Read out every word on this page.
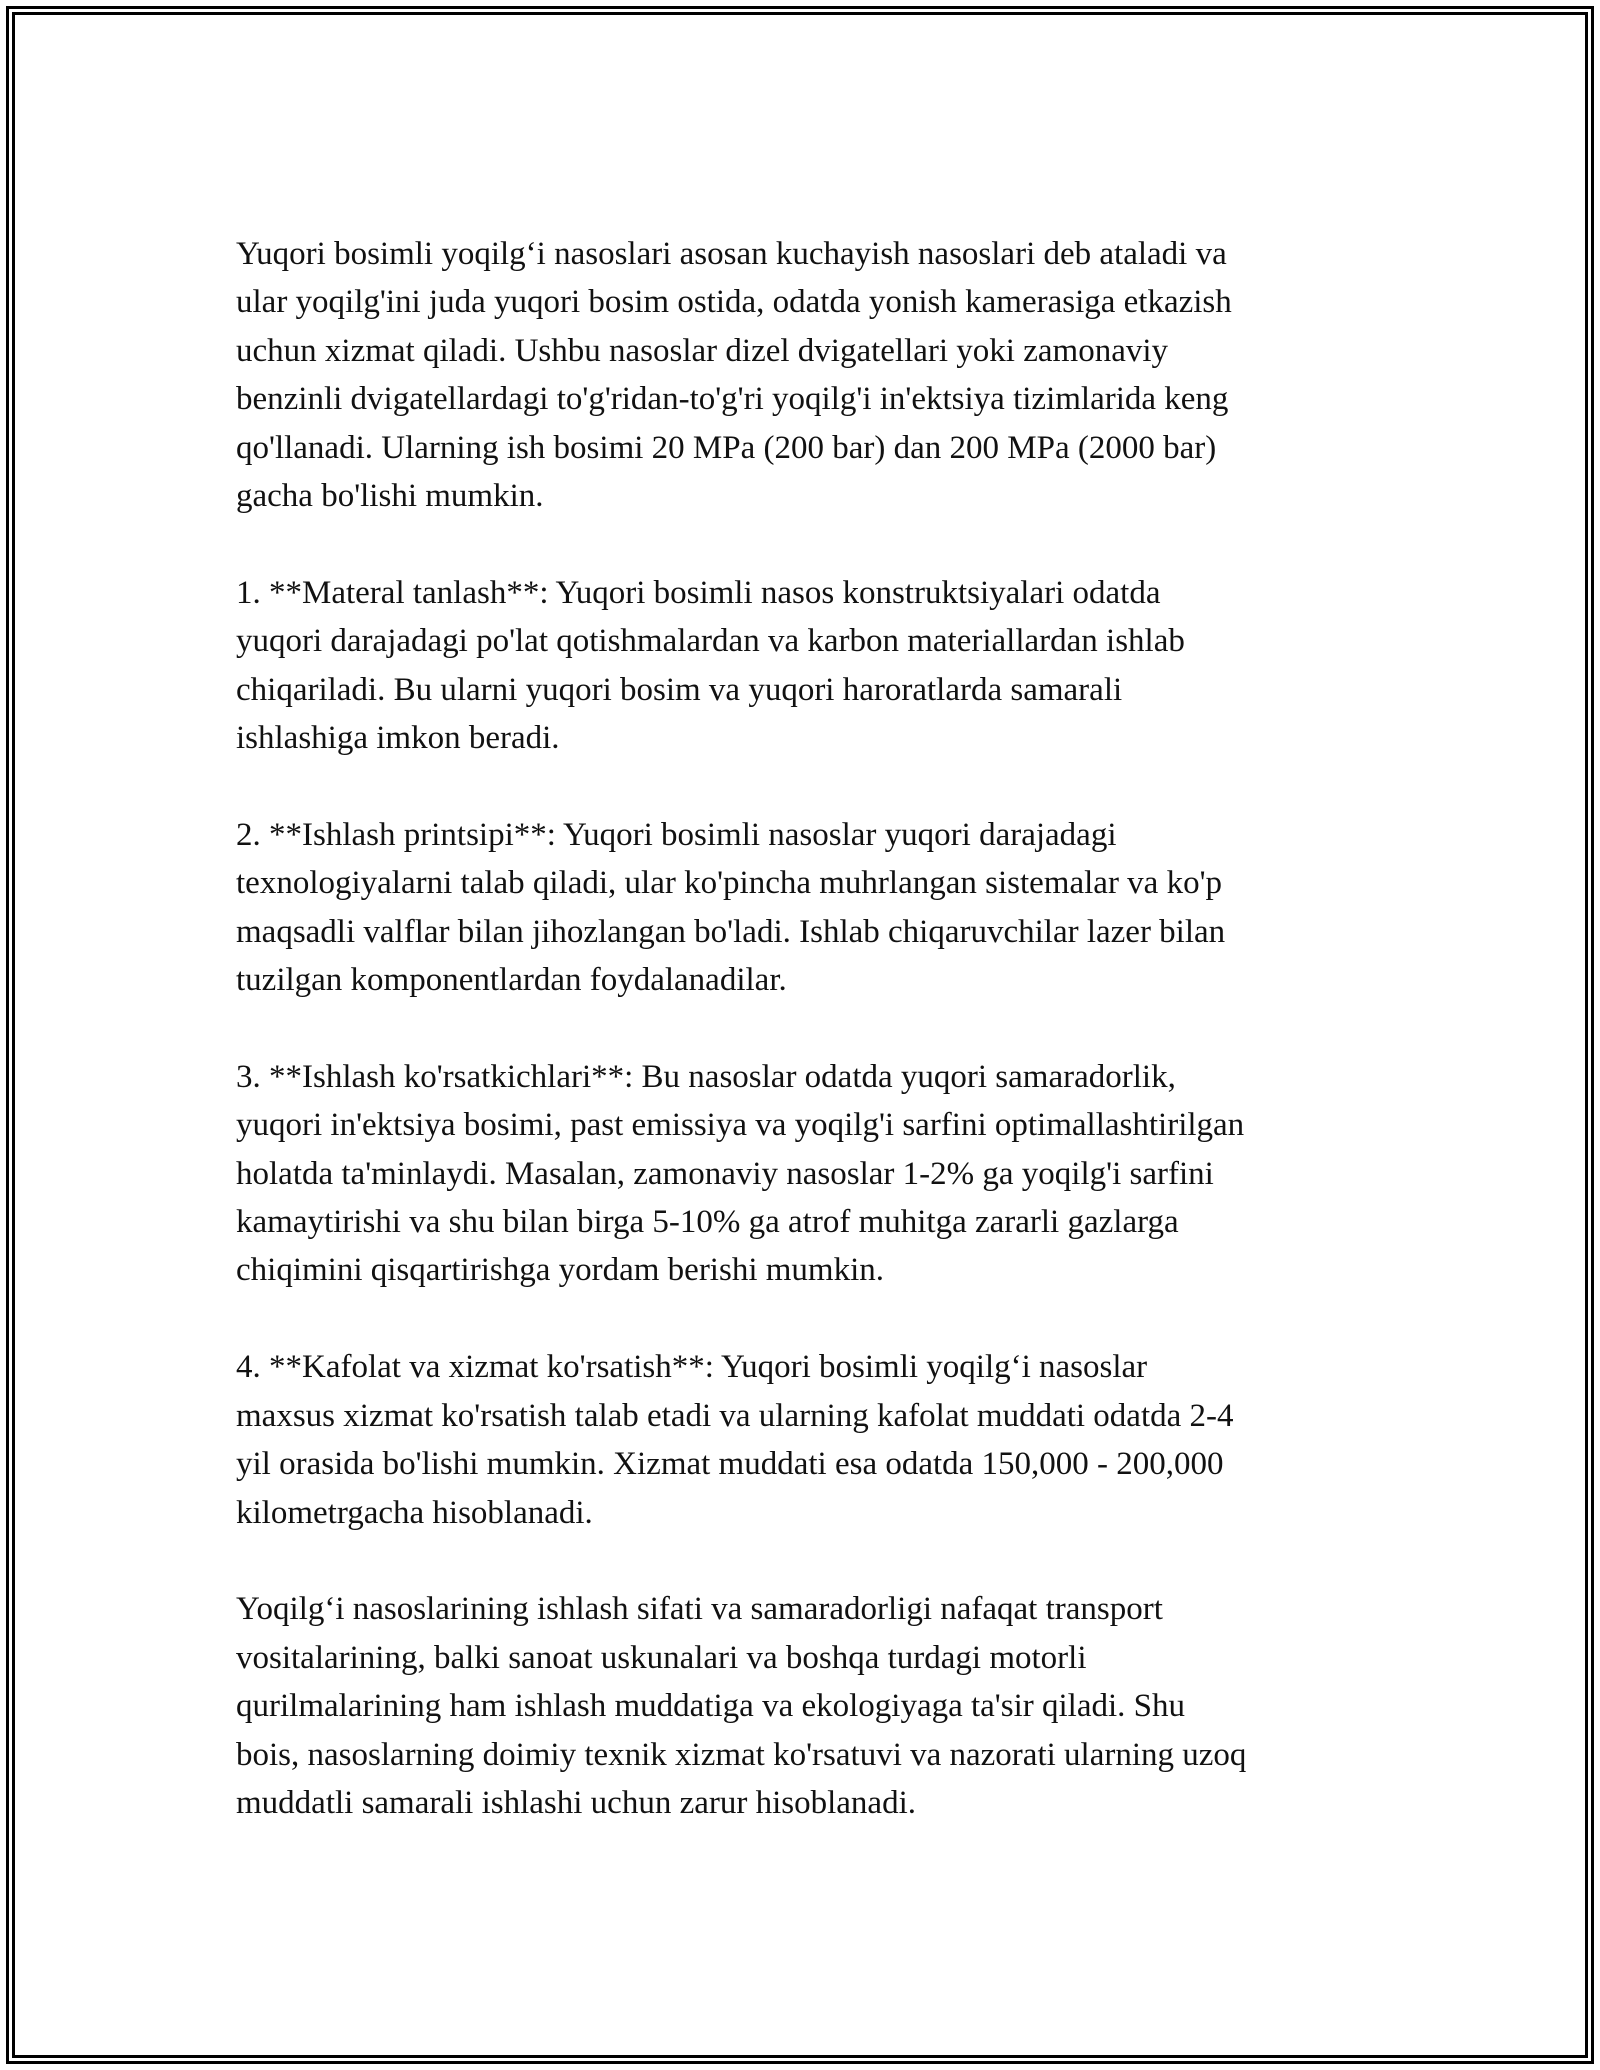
Yuqori bosimli yoqilg‘i nasoslari asosan kuchayish nasoslari deb ataladi va
ular yoqilg'ini juda yuqori bosim ostida, odatda yonish kamerasiga etkazish
uchun xizmat qiladi. Ushbu nasoslar dizel dvigatellari yoki zamonaviy
benzinli dvigatellardagi to'g'ridan-to'g'ri yoqilg'i in'ektsiya tizimlarida keng
qo'llanadi. Ularning ish bosimi 20 MPa (200 bar) dan 200 MPa (2000 bar)
gacha bo'lishi mumkin.

1. **Materal tanlash**: Yuqori bosimli nasos konstruktsiyalari odatda
yuqori darajadagi po'lat qotishmalardan va karbon materiallardan ishlab
chiqariladi. Bu ularni yuqori bosim va yuqori haroratlarda samarali
ishlashiga imkon beradi.

2. **Ishlash printsipi**: Yuqori bosimli nasoslar yuqori darajadagi
texnologiyalarni talab qiladi, ular ko'pincha muhrlangan sistemalar va ko'p
maqsadli valflar bilan jihozlangan bo'ladi. Ishlab chiqaruvchilar lazer bilan
tuzilgan komponentlardan foydalanadilar.

3. **Ishlash ko'rsatkichlari**: Bu nasoslar odatda yuqori samaradorlik,
yuqori in'ektsiya bosimi, past emissiya va yoqilg'i sarfini optimallashtirilgan
holatda ta'minlaydi. Masalan, zamonaviy nasoslar 1-2% ga yoqilg'i sarfini
kamaytirishi va shu bilan birga 5-10% ga atrof muhitga zararli gazlarga
chiqimini qisqartirishga yordam berishi mumkin.

4. **Kafolat va xizmat ko'rsatish**: Yuqori bosimli yoqilg‘i nasoslar
maxsus xizmat ko'rsatish talab etadi va ularning kafolat muddati odatda 2-4
yil orasida bo'lishi mumkin. Xizmat muddati esa odatda 150,000 - 200,000
kilometrgacha hisoblanadi.

Yoqilg‘i nasoslarining ishlash sifati va samaradorligi nafaqat transport
vositalarining, balki sanoat uskunalari va boshqa turdagi motorli
qurilmalarining ham ishlash muddatiga va ekologiyaga ta'sir qiladi. Shu
bois, nasoslarning doimiy texnik xizmat ko'rsatuvi va nazorati ularning uzoq
muddatli samarali ishlashi uchun zarur hisoblanadi.
